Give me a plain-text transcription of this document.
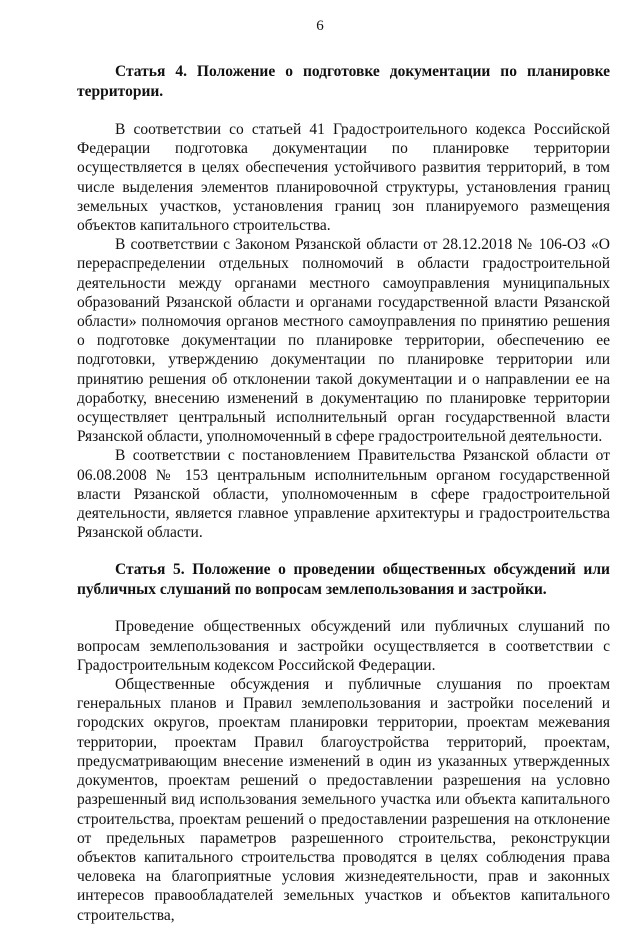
6
Статья 4. Положение о подготовке документации по планировке территории.

В соответствии со статьей 41 Градостроительного кодекса Российской Федерации подготовка документации по планировке территории осуществляется в целях обеспечения устойчивого развития территорий, в том числе выделения элементов планировочной структуры, установления границ земельных участков, установления границ зон планируемого размещения объектов капитального строительства.

В соответствии с Законом Рязанской области от 28.12.2018 № 106-ОЗ «О перераспределении отдельных полномочий в области градостроительной деятельности между органами местного самоуправления муниципальных образований Рязанской области и органами государственной власти Рязанской области» полномочия органов местного самоуправления по принятию решения о подготовке документации по планировке территории, обеспечению ее подготовки, утверждению документации по планировке территории или принятию решения об отклонении такой документации и о направлении ее на доработку, внесению изменений в документацию по планировке территории осуществляет центральный исполнительный орган государственной власти Рязанской области, уполномоченный в сфере градостроительной деятельности.

В соответствии с постановлением Правительства Рязанской области от 06.08.2008 № 153 центральным исполнительным органом государственной власти Рязанской области, уполномоченным в сфере градостроительной деятельности, является главное управление архитектуры и градостроительства Рязанской области.

Статья 5. Положение о проведении общественных обсуждений или публичных слушаний по вопросам землепользования и застройки.

Проведение общественных обсуждений или публичных слушаний по вопросам землепользования и застройки осуществляется в соответствии с Градостроительным кодексом Российской Федерации.

Общественные обсуждения и публичные слушания по проектам генеральных планов и Правил землепользования и застройки поселений и городских округов, проектам планировки территории, проектам межевания территории, проектам Правил благоустройства территорий, проектам, предусматривающим внесение изменений в один из указанных утвержденных документов, проектам решений о предоставлении разрешения на условно разрешенный вид использования земельного участка или объекта капитального строительства, проектам решений о предоставлении разрешения на отклонение от предельных параметров разрешенного строительства, реконструкции объектов капитального строительства проводятся в целях соблюдения права человека на благоприятные условия жизнедеятельности, прав и законных интересов правообладателей земельных участков и объектов капитального строительства,
